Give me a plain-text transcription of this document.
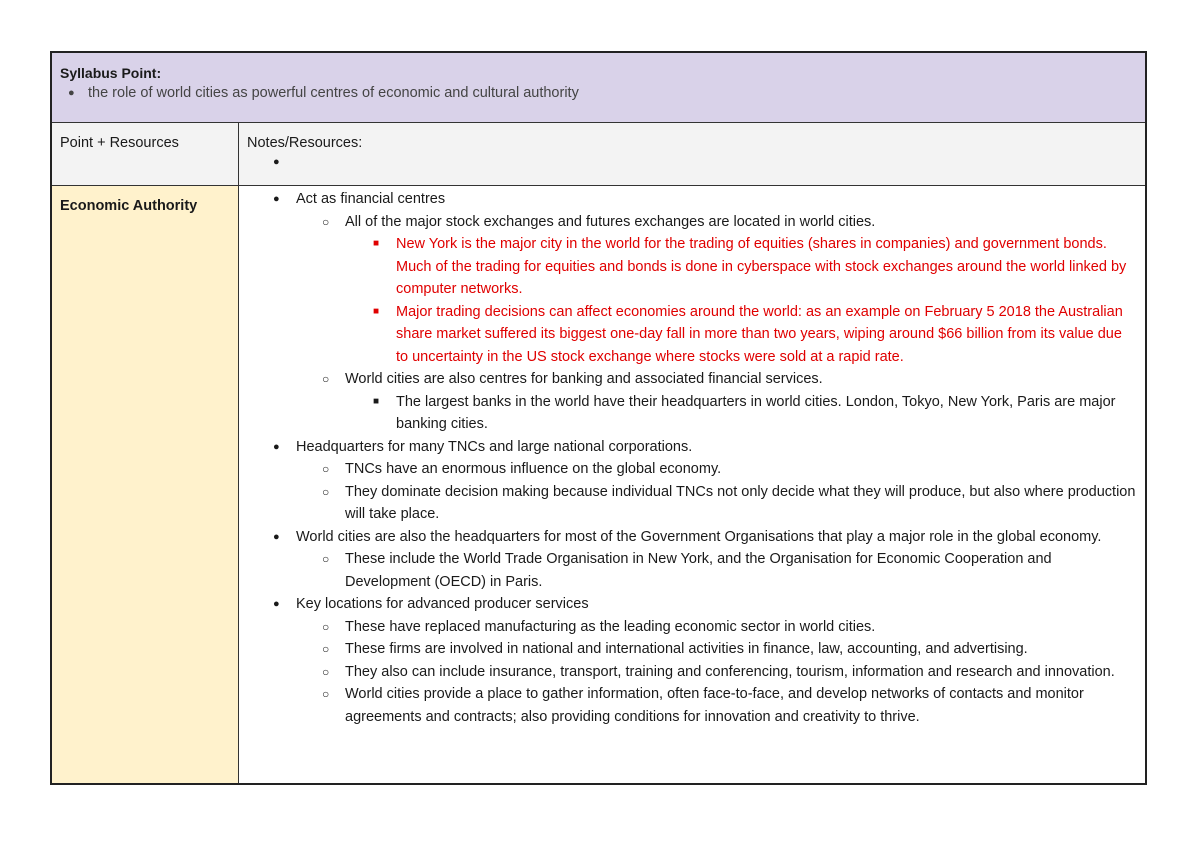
Syllabus Point:
● the role of world cities as powerful centres of economic and cultural authority
Point + Resources	Notes/Resources:
●
Economic Authority	● Act as financial centres
○ All of the major stock exchanges and futures exchanges are located in world cities.
■ New York is the major city in the world for the trading of equities (shares in companies) and government bonds. Much of the trading for equities and bonds is done in cyberspace with stock exchanges around the world linked by computer networks.
■ Major trading decisions can affect economies around the world: as an example on February 5 2018 the Australian share market suffered its biggest one-day fall in more than two years, wiping around $66 billion from its value due to uncertainty in the US stock exchange where stocks were sold at a rapid rate.
○ World cities are also centres for banking and associated financial services.
■ The largest banks in the world have their headquarters in world cities. London, Tokyo, New York, Paris are major banking cities.
● Headquarters for many TNCs and large national corporations.
○ TNCs have an enormous influence on the global economy.
○ They dominate decision making because individual TNCs not only decide what they will produce, but also where production will take place.
● World cities are also the headquarters for most of the Government Organisations that play a major role in the global economy.
○ These include the World Trade Organisation in New York, and the Organisation for Economic Cooperation and Development (OECD) in Paris.
● Key locations for advanced producer services
○ These have replaced manufacturing as the leading economic sector in world cities.
○ These firms are involved in national and international activities in finance, law, accounting, and advertising.
○ They also can include insurance, transport, training and conferencing, tourism, information and research and innovation.
○ World cities provide a place to gather information, often face-to-face, and develop networks of contacts and monitor agreements and contracts; also providing conditions for innovation and creativity to thrive.
